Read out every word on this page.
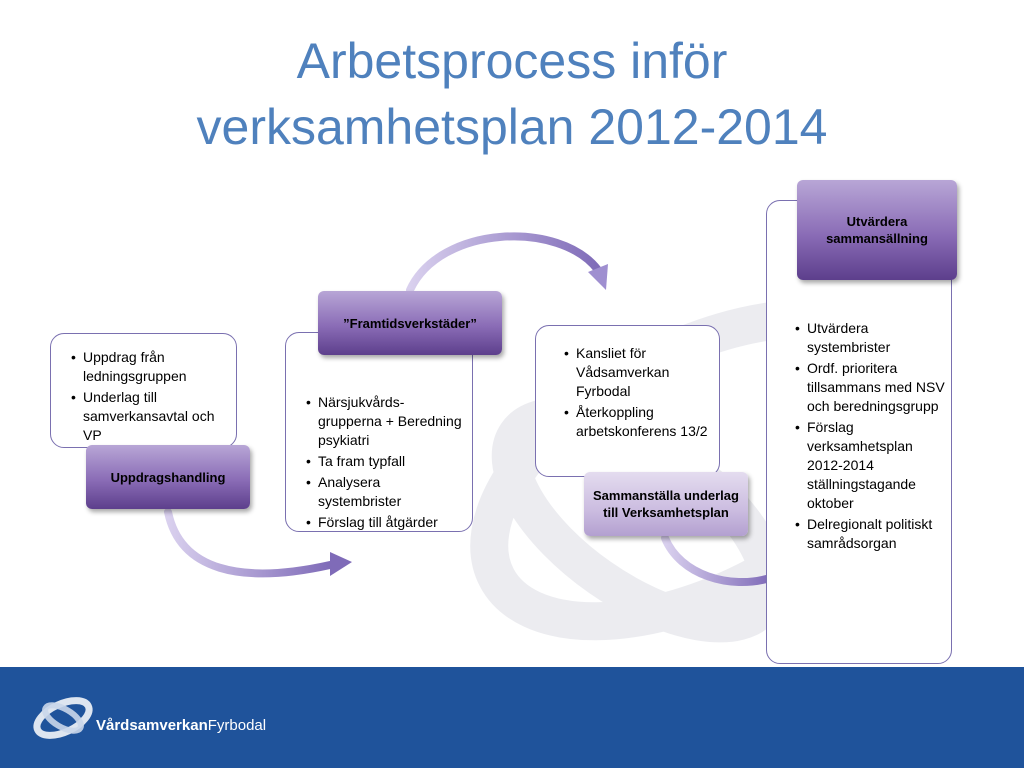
Arbetsprocess inför
verksamhetsplan 2012-2014
• Uppdrag från ledningsgruppen
• Underlag till samverkansavtal och VP
Uppdragshandling
• Närsjukvårds-grupperna + Beredning psykiatri
• Ta fram typfall
• Analysera systembrister
• Förslag till åtgärder
”Framtidsverkstäder”
• Kansliet för Vådsamverkan Fyrbodal
• Återkoppling arbetskonferens 13/2
Sammanställa underlag till Verksamhetsplan
• Utvärdera systembrister
• Ordf. prioritera tillsammans med NSV och beredningsgrupp
• Förslag verksamhetsplan 2012-2014 ställningstagande oktober
• Delregionalt politiskt samrådsorgan
Utvärdera sammansällning
VårdsamverkanFyrbodal
